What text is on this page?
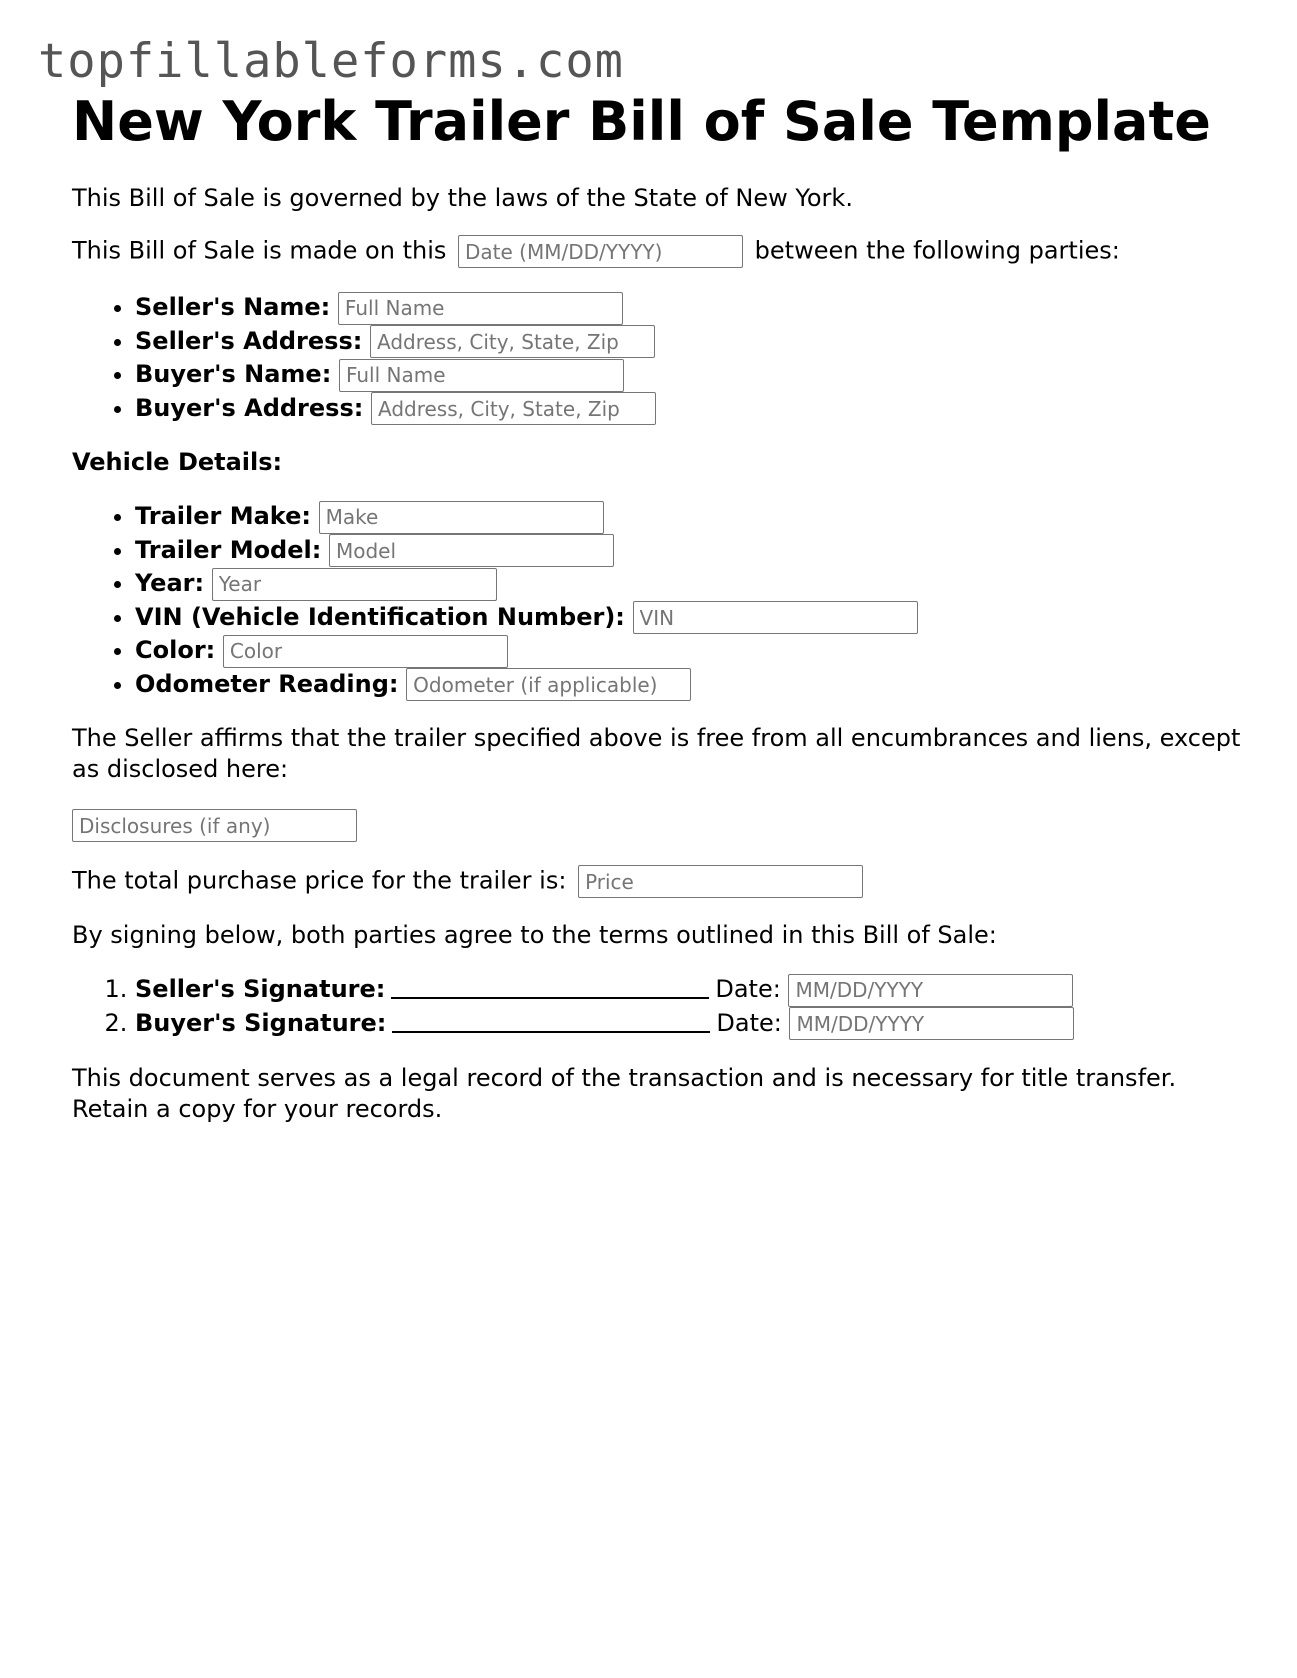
topfillableforms.com
New York Trailer Bill of Sale Template

This Bill of Sale is governed by the laws of the State of New York.

This Bill of Sale is made on this Date (MM/DD/YYYY)	between the following parties:

• Seller's Name: Full Name
• Seller's Address: Address, City, State, Zip
• Buyer's Name: Full Name
• Buyer's Address: Address, City, State, Zip
Vehicle Details:
• Trailer Make: Make
• Trailer Model: Model
• Year: Year
• VIN (Vehicle Identification Number): VIN
• Color: Color
• Odometer Reading: Odometer (if applicable)

The Seller affirms that the trailer specified above is free from all encumbrances and liens, except as disclosed here:

Disclosures (if any)

The total purchase price for the trailer is: Price

By signing below, both parties agree to the terms outlined in this Bill of Sale:

1. Seller's Signature:	Date: MM/DD/YYYY
2. Buyer's Signature:	Date: MM/DD/YYYY

This document serves as a legal record of the transaction and is necessary for title transfer. Retain a copy for your records.
